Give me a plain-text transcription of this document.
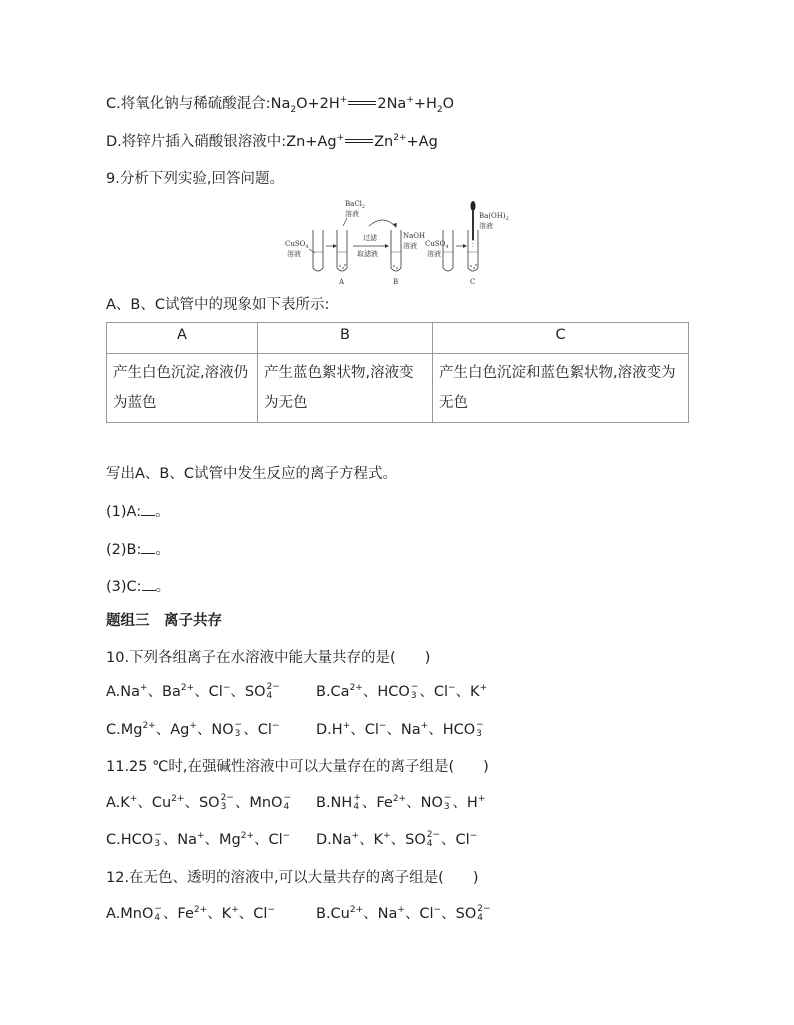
C.将氧化钠与稀硫酸混合$:Na_2O+2H^+$ $2Na^++H_2O$
D.将锌片插入硝酸银溶液中:Zn+Ag+ $Zn^{2+}+Ag$
9.分析下列实验,回答问题。
CuSO$_4$
溶液
BaCl$_2$
溶液
A
过滤
取滤液
B
NaOH
溶液 CuSO$_4$
溶液
$Ba(OH)_2$
溶液
C
A、B、C试管中的现象如下表所示:
A	B	C
产生白色沉淀,溶液仍为蓝色	产生蓝色絮状物,溶液变为无色	产生白色沉淀和蓝色絮状物,溶液变为无色
写出A、B、C试管中发生反应的离子方程式。
(1)A: 。
(2)B: 。
(3)C: 。
题组三　离子共存
10.下列各组离子在水溶液中能大量共存的是(　　)
A.Na+、$Ba^{2+}$、Cl−、SO 2−
4	$B.Ca^{2+}$、HCO −
3 、Cl−、K+
$C.Mg^{2+}$、Ag+、NO −
3 、Cl−	D.H+、Cl−、Na+、HCO −
3
11.25 ℃时,在强碱性溶液中可以大量存在的离子组是(　　)
A.K+、$Cu^{2+}$、SO 2−
3 、MnO −
4 B.NH +
4 、$Fe^{2+}$、NO −
3 、H+
C.HCO −
3 、Na+、$Mg^{2+}$、Cl− D.Na+、K+、SO 2−
4 、Cl−
12.在无色、透明的溶液中,可以大量共存的离子组是(　　)
A.MnO −
4 、$Fe^{2+}$、K+、Cl−	$B.Cu^{2+}$、Na+、Cl−、SO 2−
4
